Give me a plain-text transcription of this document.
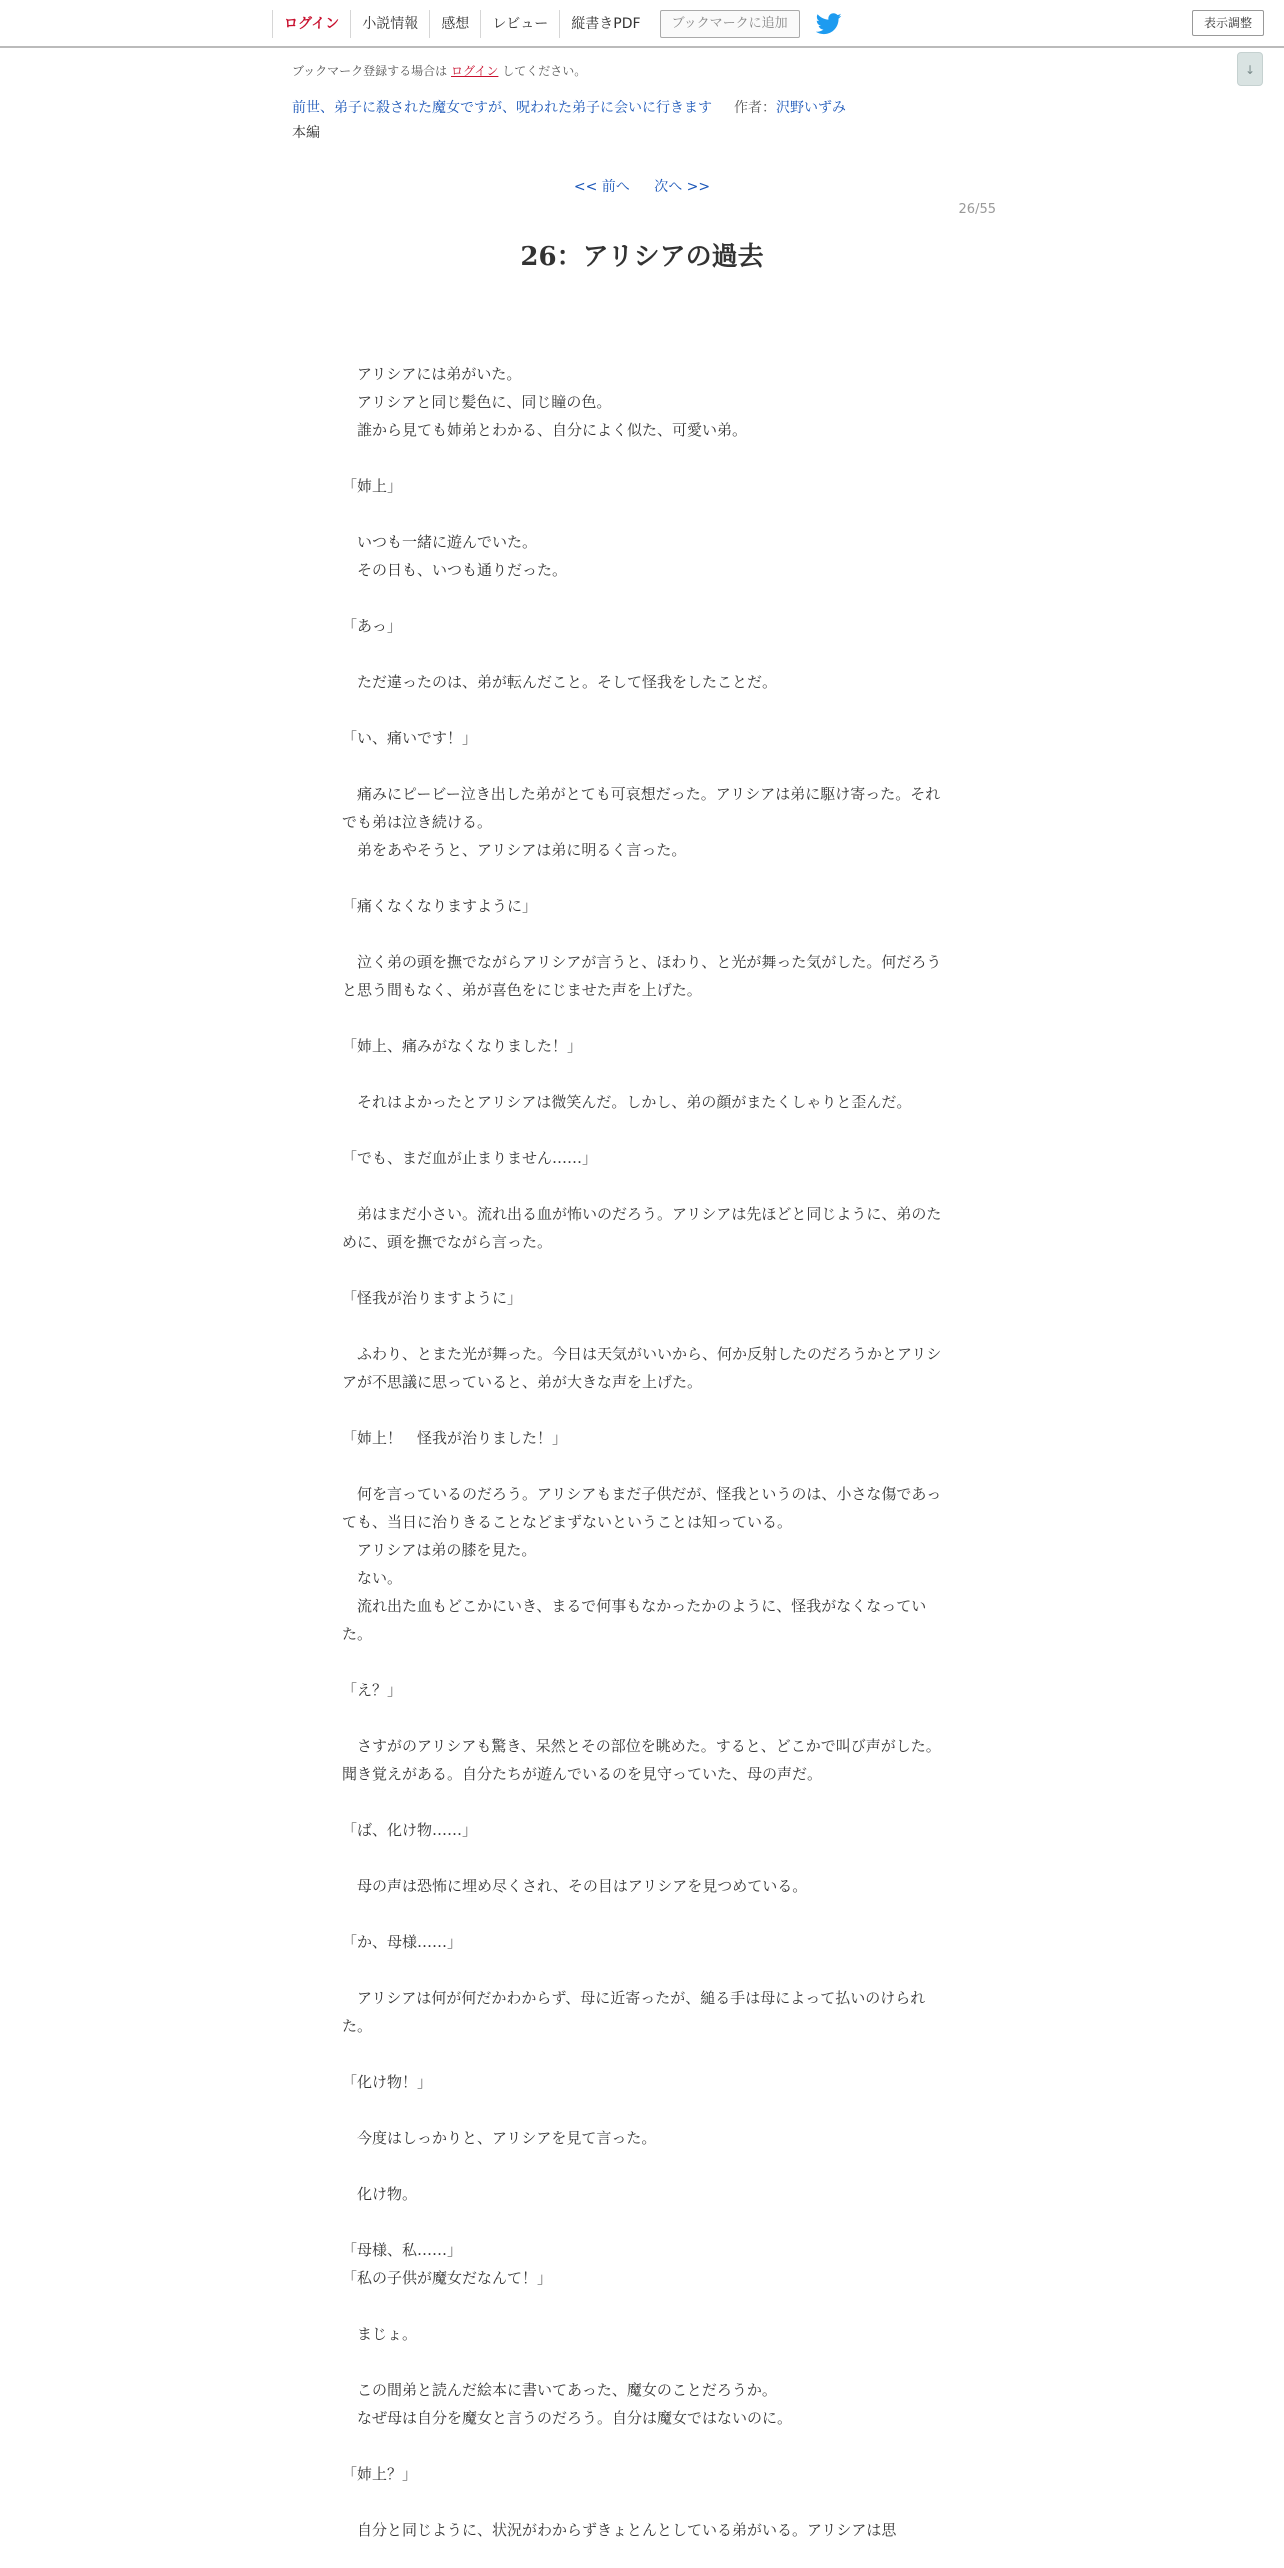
ログイン	小説情報	感想	レビュー	縦書きPDF	ブックマークに追加	表示調整
↓
ブックマーク登録する場合は ログイン してください。
前世、弟子に殺された魔女ですが、呪われた弟子に会いに行きます 作者：沢野いずみ
本編
<< 前へ 次へ >>
26/55
26：アリシアの過去

　アリシアには弟がいた。

　アリシアと同じ髪色に、同じ瞳の色。

　誰から見ても姉弟とわかる、自分によく似た、可愛い弟。

「姉上」

　いつも一緒に遊んでいた。

　その日も、いつも通りだった。

「あっ」

　ただ違ったのは、弟が転んだこと。そして怪我をしたことだ。

「い、痛いです！」

　痛みにピービー泣き出した弟がとても可哀想だった。アリシアは弟に駆け寄った。それでも弟は泣き続ける。

　弟をあやそうと、アリシアは弟に明るく言った。

「痛くなくなりますように」

　泣く弟の頭を撫でながらアリシアが言うと、ほわり、と光が舞った気がした。何だろうと思う間もなく、弟が喜色をにじませた声を上げた。

「姉上、痛みがなくなりました！」

　それはよかったとアリシアは微笑んだ。しかし、弟の顔がまたくしゃりと歪んだ。

「でも、まだ血が止まりません……」

　弟はまだ小さい。流れ出る血が怖いのだろう。アリシアは先ほどと同じように、弟のために、頭を撫でながら言った。

「怪我が治りますように」

　ふわり、とまた光が舞った。今日は天気がいいから、何か反射したのだろうかとアリシアが不思議に思っていると、弟が大きな声を上げた。

「姉上！　怪我が治りました！」

　何を言っているのだろう。アリシアもまだ子供だが、怪我というのは、小さな傷であっても、当日に治りきることなどまずないということは知っている。

　アリシアは弟の膝を見た。

　ない。

　流れ出た血もどこかにいき、まるで何事もなかったかのように、怪我がなくなっていた。

「え？」

　さすがのアリシアも驚き、呆然とその部位を眺めた。すると、どこかで叫び声がした。聞き覚えがある。自分たちが遊んでいるのを見守っていた、母の声だ。

「ば、化け物……」

　母の声は恐怖に埋め尽くされ、その目はアリシアを見つめている。

「か、母様……」

　アリシアは何が何だかわからず、母に近寄ったが、縋る手は母によって払いのけられた。

「化け物！」

　今度はしっかりと、アリシアを見て言った。

　化け物。

「母様、私……」

「私の子供が魔女だなんて！」

　まじょ。

　この間弟と読んだ絵本に書いてあった、魔女のことだろうか。

　なぜ母は自分を魔女と言うのだろう。自分は魔女ではないのに。

「姉上？」

　自分と同じように、状況がわからずきょとんとしている弟がいる。アリシアは思
